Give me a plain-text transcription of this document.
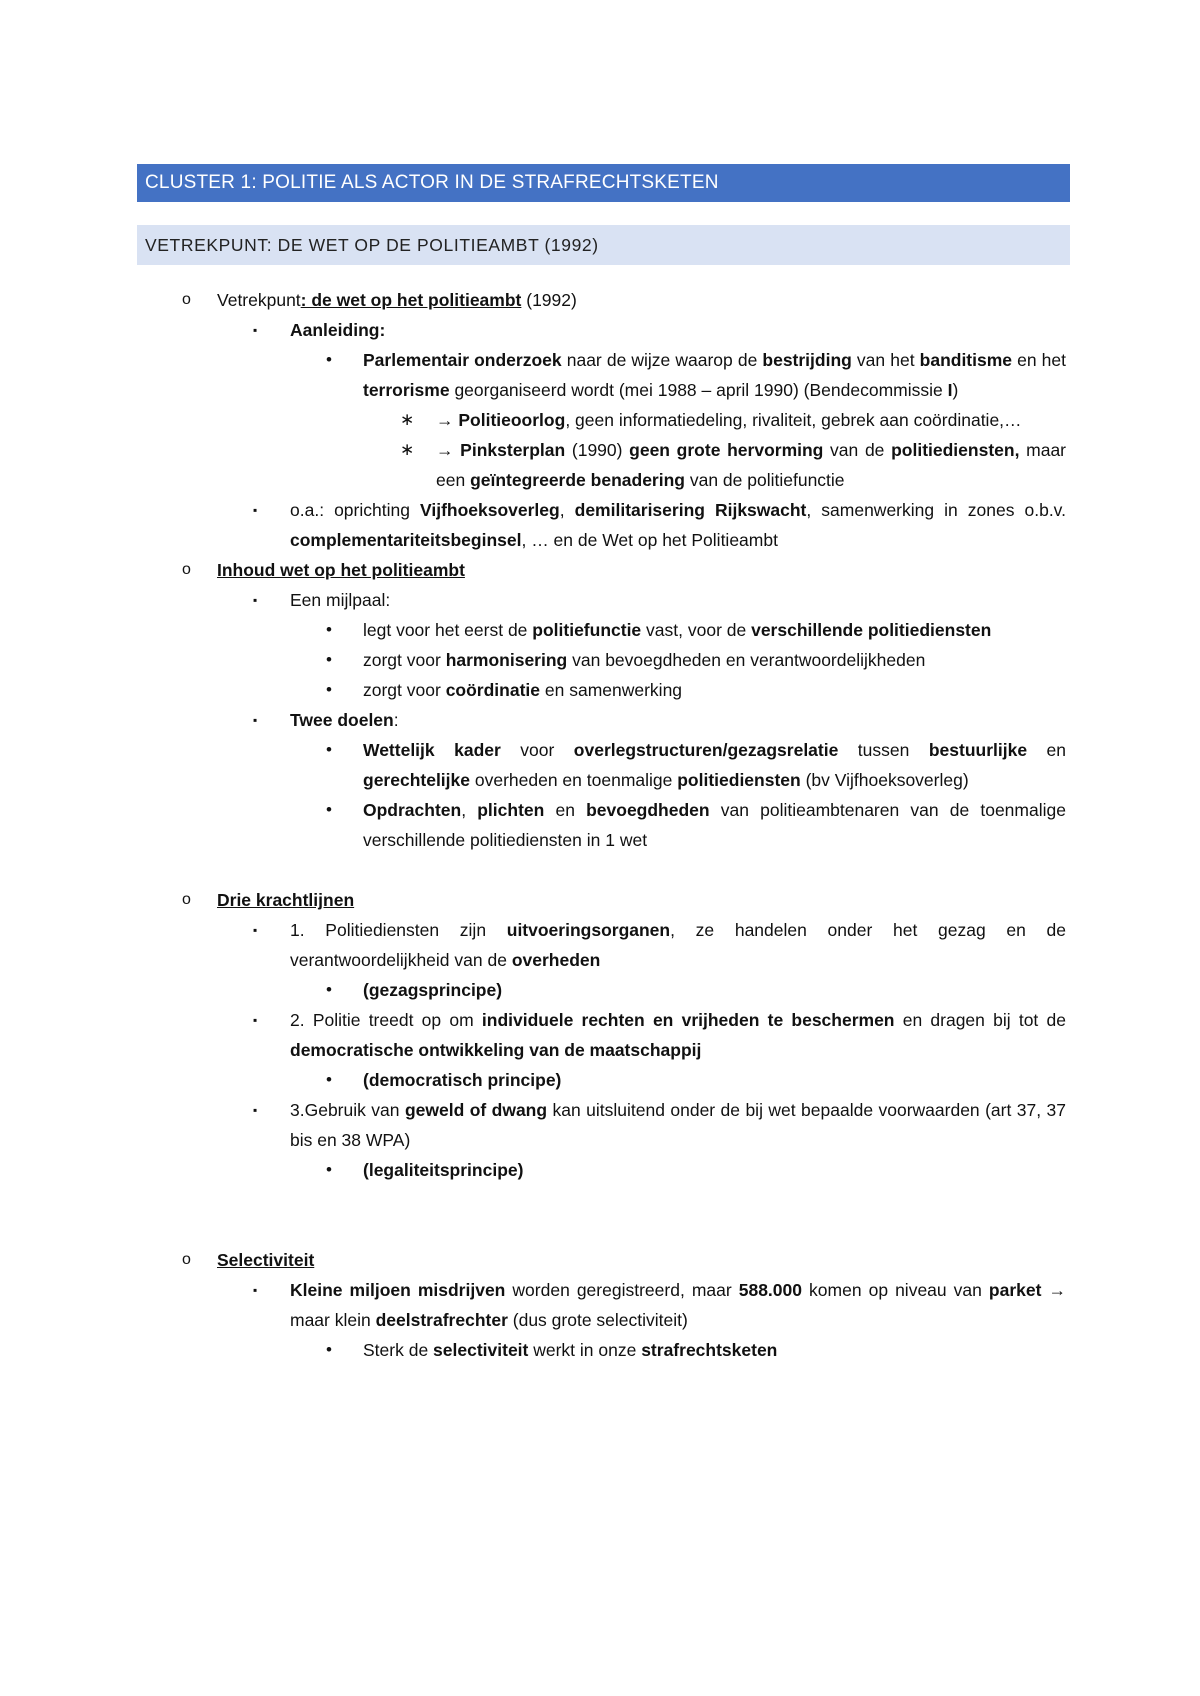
CLUSTER 1: POLITIE ALS ACTOR IN DE STRAFRECHTSKETEN
VETREKPUNT: DE WET OP DE POLITIEAMBT (1992)
o Vetrekpunt: de wet op het politieambt (1992)
▪ Aanleiding:
• Parlementair onderzoek naar de wijze waarop de bestrijding van het banditisme en het terrorisme georganiseerd wordt (mei 1988 – april 1990) (Bendecommissie I)
∗ → Politieoorlog, geen informatiedeling, rivaliteit, gebrek aan coördinatie,…
∗ → Pinksterplan (1990) geen grote hervorming van de politiediensten, maar een geïntegreerde benadering van de politiefunctie
▪ o.a.: oprichting Vijfhoeksoverleg, demilitarisering Rijkswacht, samenwerking in zones o.b.v. complementariteitsbeginsel, … en de Wet op het Politieambt
o Inhoud wet op het politieambt
▪ Een mijlpaal:
• legt voor het eerst de politiefunctie vast, voor de verschillende politiediensten
• zorgt voor harmonisering van bevoegdheden en verantwoordelijkheden
• zorgt voor coördinatie en samenwerking
▪ Twee doelen:
• Wettelijk kader voor overlegstructuren/gezagsrelatie tussen bestuurlijke en gerechtelijke overheden en toenmalige politiediensten (bv Vijfhoeksoverleg)
• Opdrachten, plichten en bevoegdheden van politieambtenaren van de toenmalige verschillende politiediensten in 1 wet
o Drie krachtlijnen
▪ 1. Politiediensten zijn uitvoeringsorganen, ze handelen onder het gezag en de verantwoordelijkheid van de overheden
• (gezagsprincipe)
▪ 2. Politie treedt op om individuele rechten en vrijheden te beschermen en dragen bij tot de democratische ontwikkeling van de maatschappij
• (democratisch principe)
▪ 3.Gebruik van geweld of dwang kan uitsluitend onder de bij wet bepaalde voorwaarden (art 37, 37 bis en 38 WPA)
• (legaliteitsprincipe)
o Selectiviteit
▪ Kleine miljoen misdrijven worden geregistreerd, maar 588.000 komen op niveau van parket → maar klein deelstrafrechter (dus grote selectiviteit)
• Sterk de selectiviteit werkt in onze strafrechtsketen
